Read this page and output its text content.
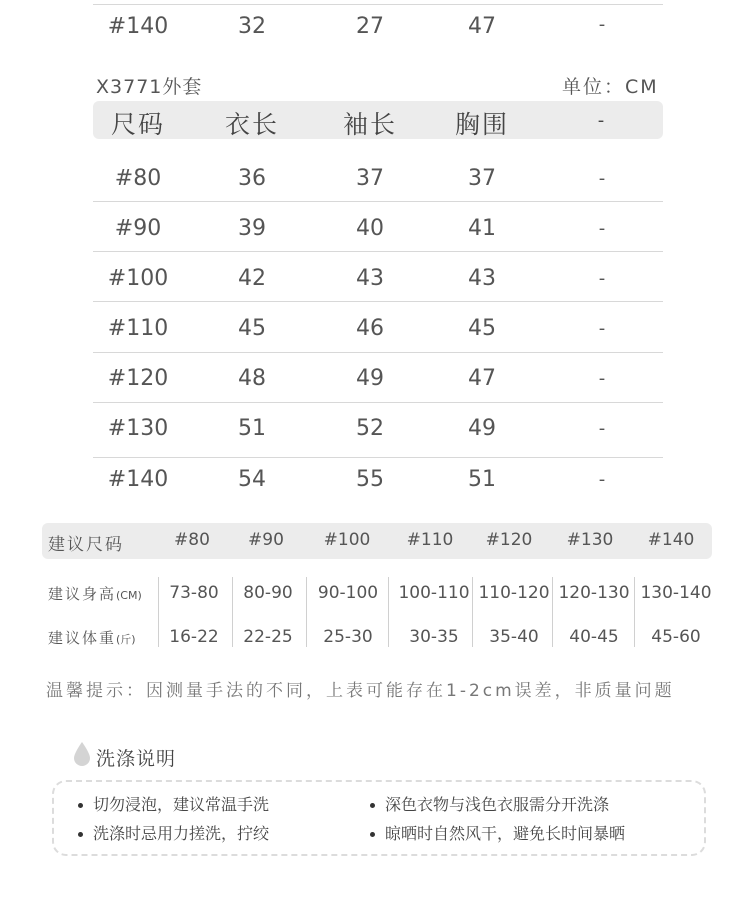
#140	32	27	47	-
X3771外套	单位：CM
尺码	衣长	袖长	胸围	-
#80	36	37	37	-
#90	39	40	41	-
#100	42	43	43	-
#110	45	46	45	-
#120	48	49	47	-
#130	51	52	49	-
#140	54	55	51	-
建议尺码	#80	#90	#100	#110	#120	#130	#140
建议身高(CM)	73-80	80-90	90-100	100-110 110-120 120-130 130-140
建议体重(斤)	16-22	22-25	25-30	30-35	35-40	40-45	45-60
温馨提示：因测量手法的不同，上表可能存在1-2cm误差，非质量问题
洗涤说明
切勿浸泡，建议常温手洗	深色衣物与浅色衣服需分开洗涤
洗涤时忌用力搓洗，拧绞	晾晒时自然风干，避免长时间暴晒
